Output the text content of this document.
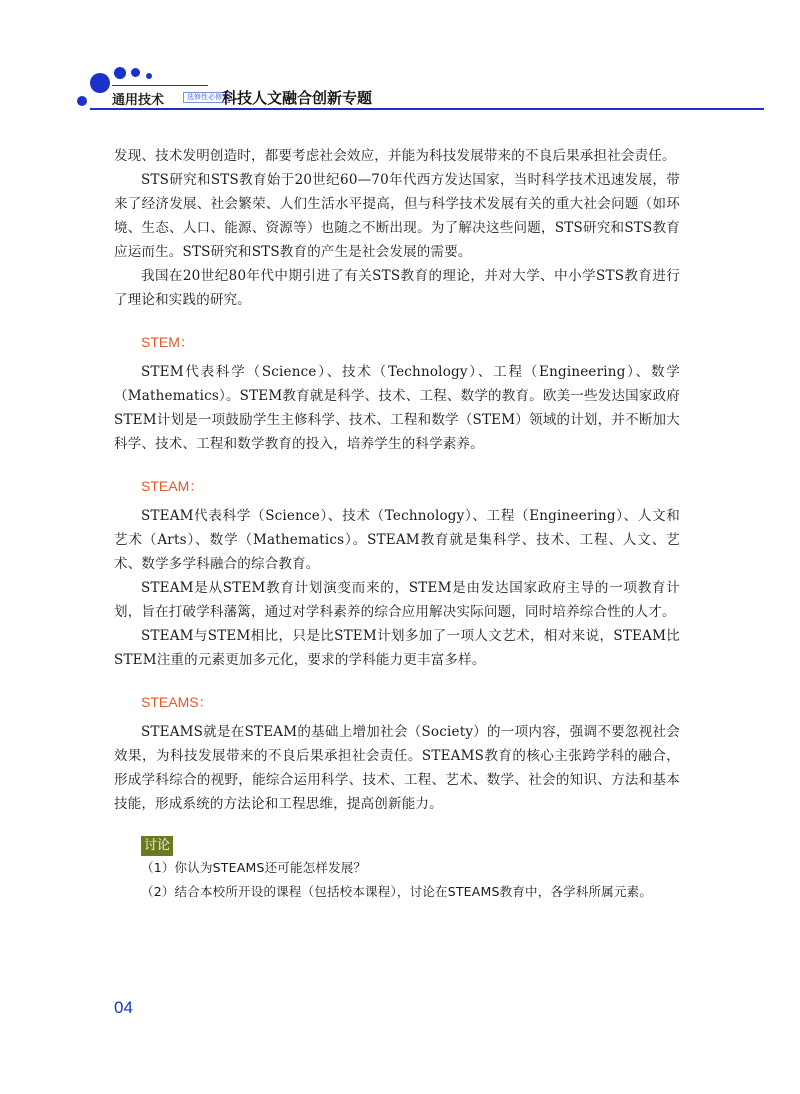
通用技术	选修性必修3
科技人文融合创新专题

发现、技术发明创造时，都要考虑社会效应，并能为科技发展带来的不良后果承担社会责任。

STS研究和STS教育始于20世纪60—70年代西方发达国家，当时科学技术迅速发展，带来了经济发展、社会繁荣、人们生活水平提高，但与科学技术发展有关的重大社会问题（如环境、生态、人口、能源、资源等）也随之不断出现。为了解决这些问题，STS研究和STS教育应运而生。STS研究和STS教育的产生是社会发展的需要。

我国在20世纪80年代中期引进了有关STS教育的理论，并对大学、中小学STS教育进行了理论和实践的研究。

STEM：

STEM代表科学（Science）、技术（Technology）、工程（Engineering）、数学（Mathematics）。STEM教育就是科学、技术、工程、数学的教育。欧美一些发达国家政府STEM计划是一项鼓励学生主修科学、技术、工程和数学（STEM）领域的计划，并不断加大科学、技术、工程和数学教育的投入，培养学生的科学素养。

STEAM：

STEAM代表科学（Science）、技术（Technology）、工程（Engineering）、人文和艺术（Arts）、数学（Mathematics）。STEAM教育就是集科学、技术、工程、人文、艺术、数学多学科融合的综合教育。

STEAM是从STEM教育计划演变而来的，STEM是由发达国家政府主导的一项教育计划，旨在打破学科藩篱，通过对学科素养的综合应用解决实际问题，同时培养综合性的人才。

STEAM与STEM相比，只是比STEM计划多加了一项人文艺术，相对来说，STEAM比STEM注重的元素更加多元化，要求的学科能力更丰富多样。

STEAMS：

STEAMS就是在STEAM的基础上增加社会（Society）的一项内容，强调不要忽视社会效果，为科技发展带来的不良后果承担社会责任。STEAMS教育的核心主张跨学科的融合，形成学科综合的视野，能综合运用科学、技术、工程、艺术、数学、社会的知识、方法和基本技能，形成系统的方法论和工程思维，提高创新能力。

讨论

（1）你认为STEAMS还可能怎样发展？

（2）结合本校所开设的课程（包括校本课程），讨论在STEAMS教育中，各学科所属元素。

04
